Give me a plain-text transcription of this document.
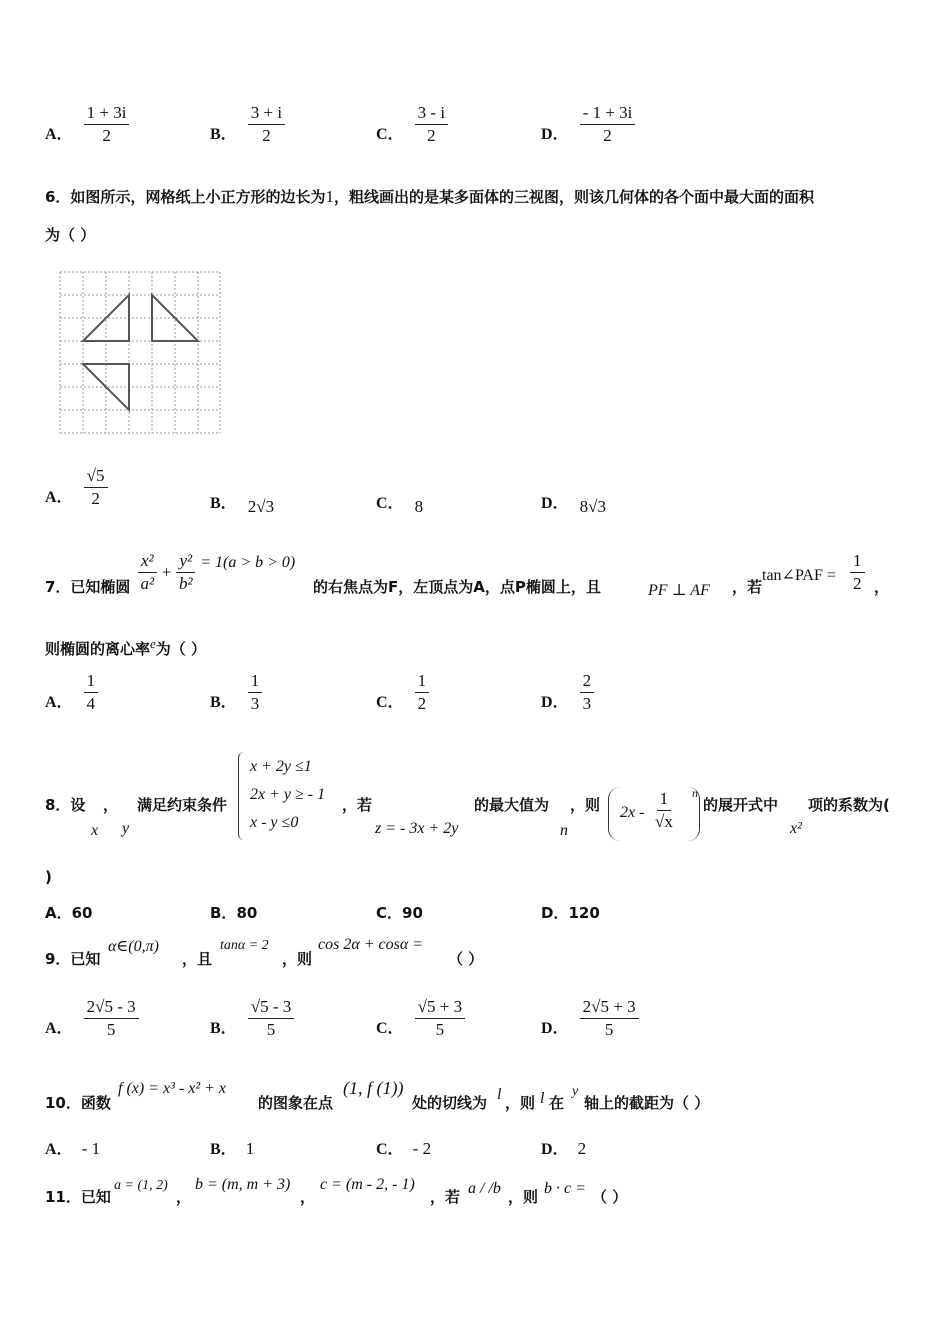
A． $\frac{1 + 3i}{2}$	B． $\frac{3 + i}{2}$	C． $\frac{3 - i}{2}$	D． $\frac{- 1 + 3i}{2}$
6．如图所示，网格纸上小正方形的边长为1，粗线画出的是某多面体的三视图，则该几何体的各个面中最大面的面积
为（ ）
A． $\frac{√5}{2}$	B． 2√3	C． 8	D． 8√3
7．已知椭圆 $\frac{\text{x²}}{\text{a²}} + \frac{\text{y²}}{\text{b²}} = 1(a > b > 0)$
的右焦点为F，左顶点为A，点P椭圆上，且	PF ⊥ AF ，若
tan∠PAF = $\frac{1}{2}$ ，
则椭圆的离心率e为（ ）
A． $\frac{1}{4}$	B． $\frac{1}{3}$	C． $\frac{1}{2}$	D． $\frac{2}{3}$
8．设
x
，
y
满足约束条件
x + 2y ≤1
2x + y ≥ - 1
x - y ≤0
，若
z = - 3x + 2y
的最大值为
n
，则 $2x - \frac{1}{√x}$ n
的展开式中
x²
项的系数为(
)
A．60	B．80	C．90	D．120
9．已知
α∈(0,π)
，且
tanα = 2
，则
cos 2α + cosα =
（ ）
A． $\frac{2√5 - 3}{5}$	B． $\frac{√5 - 3}{5}$	C． $\frac{√5 + 3}{5}$	D． $\frac{2√5 + 3}{5}$
10．函数
f (x) = x³ - x² + x
的图象在点
(1, f (1))
处的切线为 l ，则 l 在
y
轴上的截距为（ ）
A． - 1	B． 1	C． - 2	D． 2
11．已知
a = (1, 2)
，
b = (m, m + 3)
，
c = (m - 2, - 1)
，若 a / /b ，则 b · c = （ ）
